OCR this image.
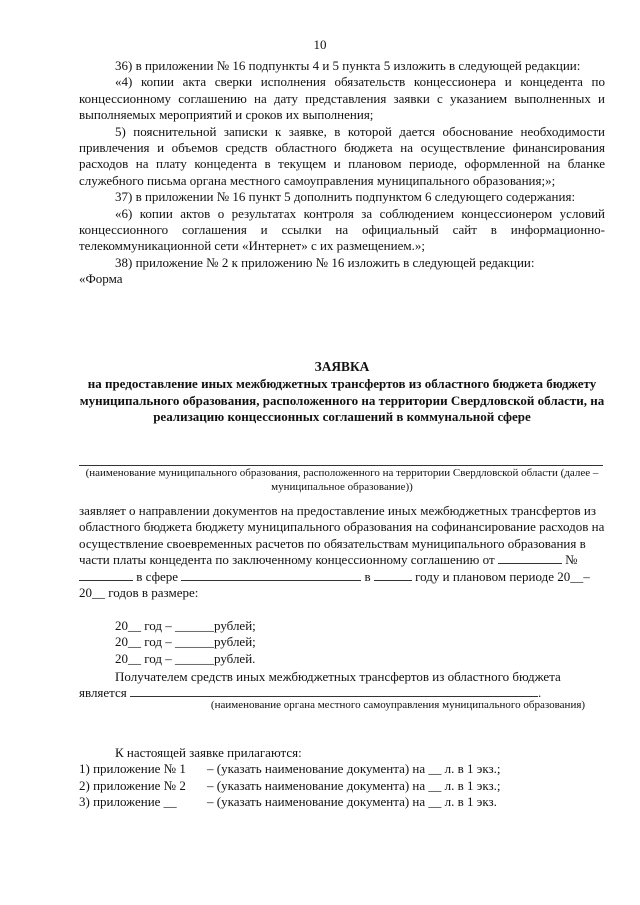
10

36) в приложении № 16 подпункты 4 и 5 пункта 5 изложить в следующей редакции:

«4) копии акта сверки исполнения обязательств концессионера и концедента по концессионному соглашению на дату представления заявки с указанием выполненных и выполняемых мероприятий и сроков их выполнения;

5) пояснительной записки к заявке, в которой дается обоснование необходимости привлечения и объемов средств областного бюджета на осуществление финансирования расходов на плату концедента в текущем и плановом периоде, оформленной на бланке служебного письма органа местного самоуправления муниципального образования;»;

37) в приложении № 16 пункт 5 дополнить подпунктом 6 следующего содержания:

«6) копии актов о результатах контроля за соблюдением концессионером условий концессионного соглашения и ссылки на официальный сайт в информационно-телекоммуникационной сети «Интернет» с их размещением.»;

38) приложение № 2 к приложению № 16 изложить в следующей редакции:

«Форма

ЗАЯВКА
на предоставление иных межбюджетных трансфертов из областного бюджета бюджету муниципального образования, расположенного на территории Свердловской области, на реализацию концессионных соглашений в коммунальной сфере
(наименование муниципального образования, расположенного на территории Свердловской области (далее – муниципальное образование))
заявляет о направлении документов на предоставление иных межбюджетных трансфертов из областного бюджета бюджету муниципального образования на софинансирование расходов на осуществление своевременных расчетов по обязательствам муниципального образования в части платы концедента по заключенному концессионному соглашению от	№  в сфере	в	году и плановом периоде 20__–20__ годов в размере:
20__ год – ______рублей;
20__ год – ______рублей;
20__ год – ______рублей.
Получателем средств иных межбюджетных трансфертов из областного бюджета является	.
(наименование органа местного самоуправления муниципального образования)
К настоящей заявке прилагаются:
1) приложение № 1 – (указать наименование документа) на __ л. в 1 экз.;
2) приложение № 2 – (указать наименование документа) на __ л. в 1 экз.;
3) приложение __ – (указать наименование документа) на __ л. в 1 экз.
